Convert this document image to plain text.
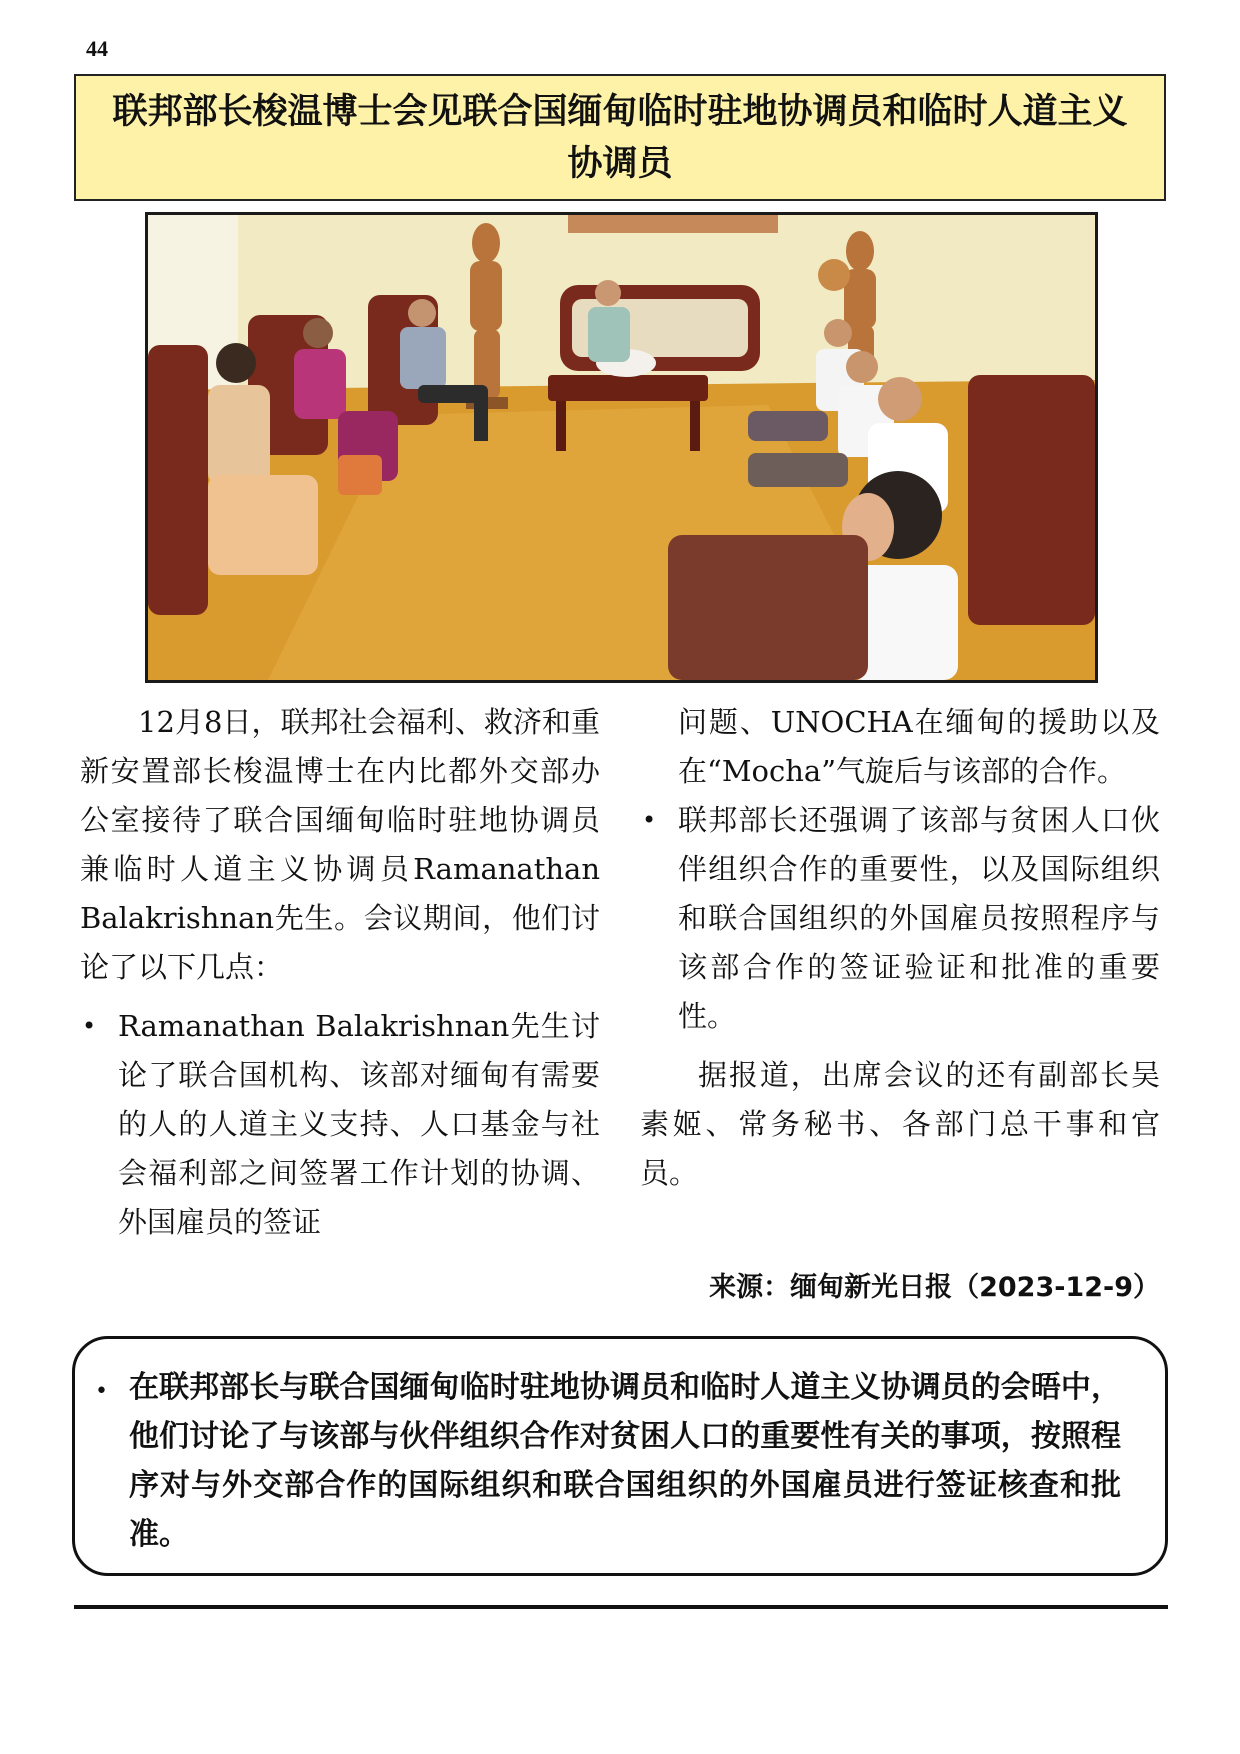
44
联邦部长梭温博士会见联合国缅甸临时驻地协调员和临时人道主义协调员

12月8日，联邦社会福利、救济和重新安置部长梭温博士在内比都外交部办公室接待了联合国缅甸临时驻地协调员兼临时人道主义协调员Ramanathan Balakrishnan先生。会议期间，他们讨论了以下几点：

• Ramanathan Balakrishnan先生讨论了联合国机构、该部对缅甸有需要的人的人道主义支持、人口基金与社会福利部之间签署工作计划的协调、外国雇员的签证

问题、UNOCHA在缅甸的援助以及在“Mocha”气旋后与该部的合作。

• 联邦部长还强调了该部与贫困人口伙伴组织合作的重要性，以及国际组织和联合国组织的外国雇员按照程序与该部合作的签证验证和批准的重要性。

据报道，出席会议的还有副部长吴素姬、常务秘书、各部门总干事和官员。

来源：缅甸新光日报（2023-12-9）
• 在联邦部长与联合国缅甸临时驻地协调员和临时人道主义协调员的会晤中，他们讨论了与该部与伙伴组织合作对贫困人口的重要性有关的事项，按照程序对与外交部合作的国际组织和联合国组织的外国雇员进行签证核查和批准。
